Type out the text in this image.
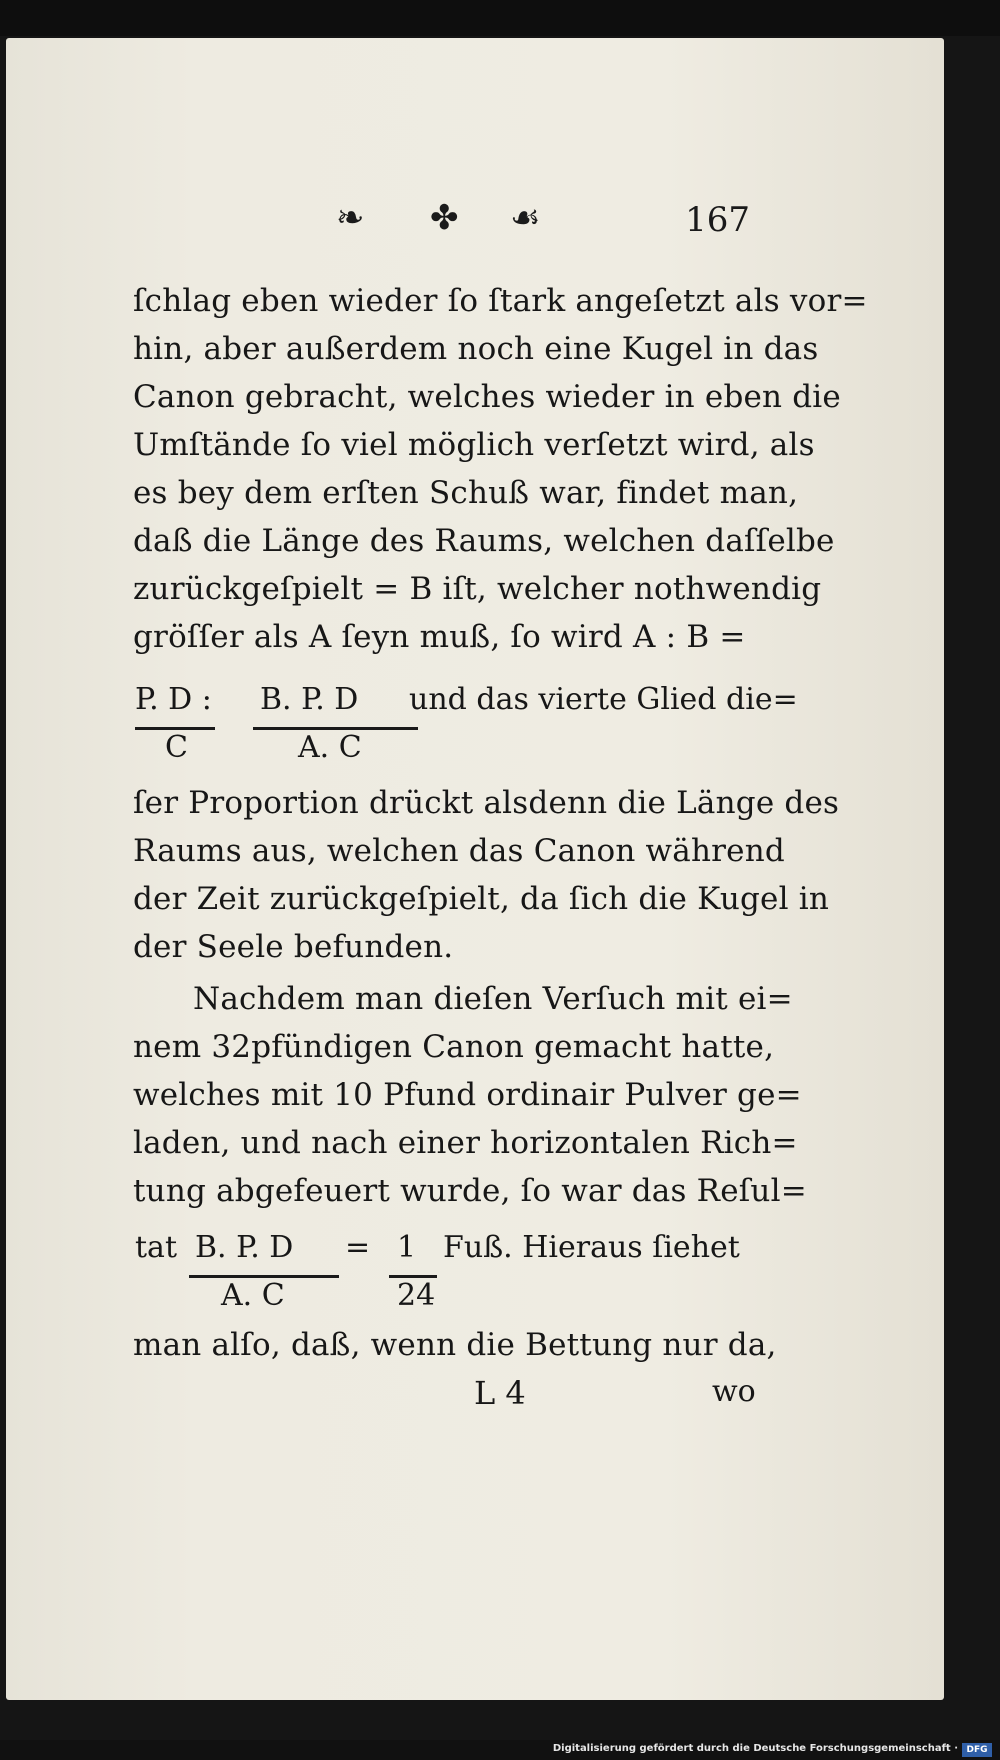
❧ ✤ ☙	167
ſchlag eben wieder ſo ſtark angeſetzt als vor=
hin, aber außerdem noch eine Kugel in das
Canon gebracht, welches wieder in eben die
Umſtände ſo viel möglich verſetzt wird, als
es bey dem erſten Schuß war, findet man,
daß die Länge des Raums, welchen daſſelbe
zurückgeſpielt = B iſt, welcher nothwendig
gröſſer als A ſeyn muß, ſo wird A : B =
P. D :
C
B. P. D
A. C
und das vierte Glied die=
ſer Proportion drückt alsdenn die Länge des
Raums aus, welchen das Canon während
der Zeit zurückgeſpielt, da ſich die Kugel in
der Seele befunden.
Nachdem man dieſen Verſuch mit ei=
nem 32pfündigen Canon gemacht hatte,
welches mit 10 Pfund ordinair Pulver ge=
laden, und nach einer horizontalen Rich=
tung abgefeuert wurde, ſo war das Reſul=
tat B. P. D
A. C
= 1
24
Fuß. Hieraus ſiehet
man alſo, daß, wenn die Bettung nur da,
L 4	wo
Digitalisierung gefördert durch die Deutsche Forschungsgemeinschaft · DFG
